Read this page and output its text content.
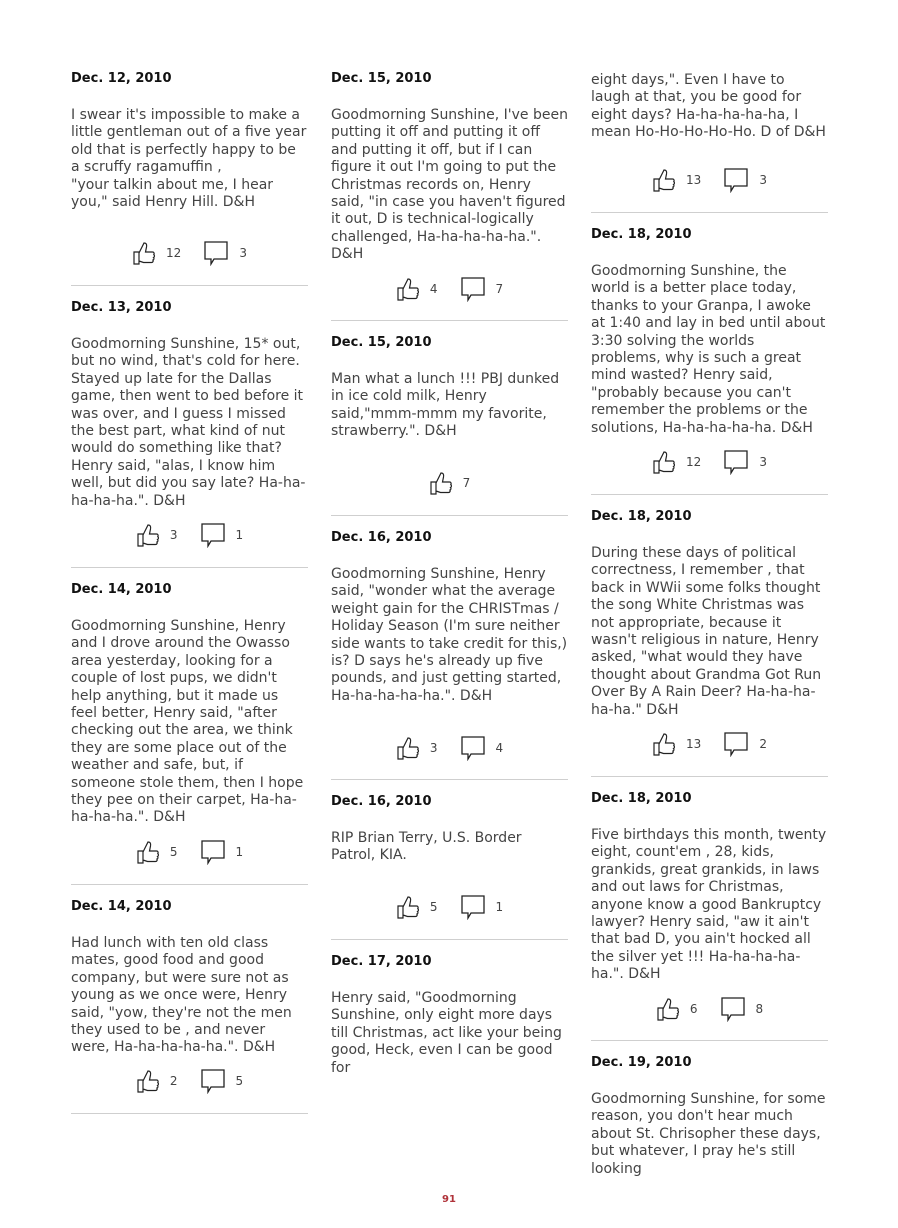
Dec. 12, 2010

I swear it's impossible to make a little gentleman out of a five year old that is perfectly happy to be a scruffy ragamuffin ,
"your talkin about me, I hear you," said Henry Hill. D&H

12	3
Dec. 13, 2010

Goodmorning Sunshine, 15* out, but no wind, that's cold for here. Stayed up late for the Dallas game, then went to bed before it was over, and I guess I missed the best part, what kind of nut would do something like that? Henry said, "alas, I know him well, but did you say late? Ha-ha-ha-ha-ha.". D&H

3	1
Dec. 14, 2010

Goodmorning Sunshine, Henry and I drove around the Owasso area yesterday, looking for a couple of lost pups, we didn't help anything, but it made us feel better, Henry said, "after checking out the area, we think they are some place out of the weather and safe, but, if someone stole them, then I hope they pee on their carpet, Ha-ha-ha-ha-ha.". D&H

5	1
Dec. 14, 2010

Had lunch with ten old class mates, good food and good company, but were sure not as young as we once were, Henry said, "yow, they're not the men they used to be , and never were, Ha-ha-ha-ha-ha.". D&H

2	5
Dec. 15, 2010

Goodmorning Sunshine, I've been putting it off and putting it off and putting it off, but if I can figure it out I'm going to put the Christmas records on, Henry said, "in case you haven't figured it out, D is technical-logically challenged, Ha-ha-ha-ha-ha.". D&H

4	7
Dec. 15, 2010

Man what a lunch !!! PBJ dunked in ice cold milk, Henry said,"mmm-mmm my favorite, strawberry.". D&H

7
Dec. 16, 2010

Goodmorning Sunshine, Henry said, "wonder what the average weight gain for the CHRISTmas / Holiday Season (I'm sure neither side wants to take credit for this,) is? D says he's already up five pounds, and just getting started, Ha-ha-ha-ha-ha.". D&H

3	4
Dec. 16, 2010

RIP Brian Terry, U.S. Border Patrol, KIA.

5	1
Dec. 17, 2010

Henry said, "Goodmorning Sunshine, only eight more days till Christmas, act like your being good, Heck, even I can be good for

eight days,". Even I have to laugh at that, you be good for eight days? Ha-ha-ha-ha-ha, I mean Ho-Ho-Ho-Ho-Ho. D of D&H

13	3
Dec. 18, 2010

Goodmorning Sunshine, the world is a better place today, thanks to your Granpa, I awoke at 1:40 and lay in bed until about 3:30 solving the worlds problems, why is such a great mind wasted? Henry said, "probably because you can't remember the problems or the solutions, Ha-ha-ha-ha-ha. D&H

12	3
Dec. 18, 2010

During these days of political correctness, I remember , that back in WWii some folks thought the song White Christmas was not appropriate, because it wasn't religious in nature, Henry asked, "what would they have thought about Grandma Got Run Over By A Rain Deer? Ha-ha-ha-ha-ha." D&H

13	2
Dec. 18, 2010

Five birthdays this month, twenty eight, count'em , 28, kids, grankids, great grankids, in laws and out laws for Christmas, anyone know a good Bankruptcy lawyer? Henry said, "aw it ain't that bad D, you ain't hocked all the silver yet !!! Ha-ha-ha-ha-ha.". D&H

6	8
Dec. 19, 2010

Goodmorning Sunshine, for some reason, you don't hear much about St. Chrisopher these days, but whatever, I pray he's still looking

91
